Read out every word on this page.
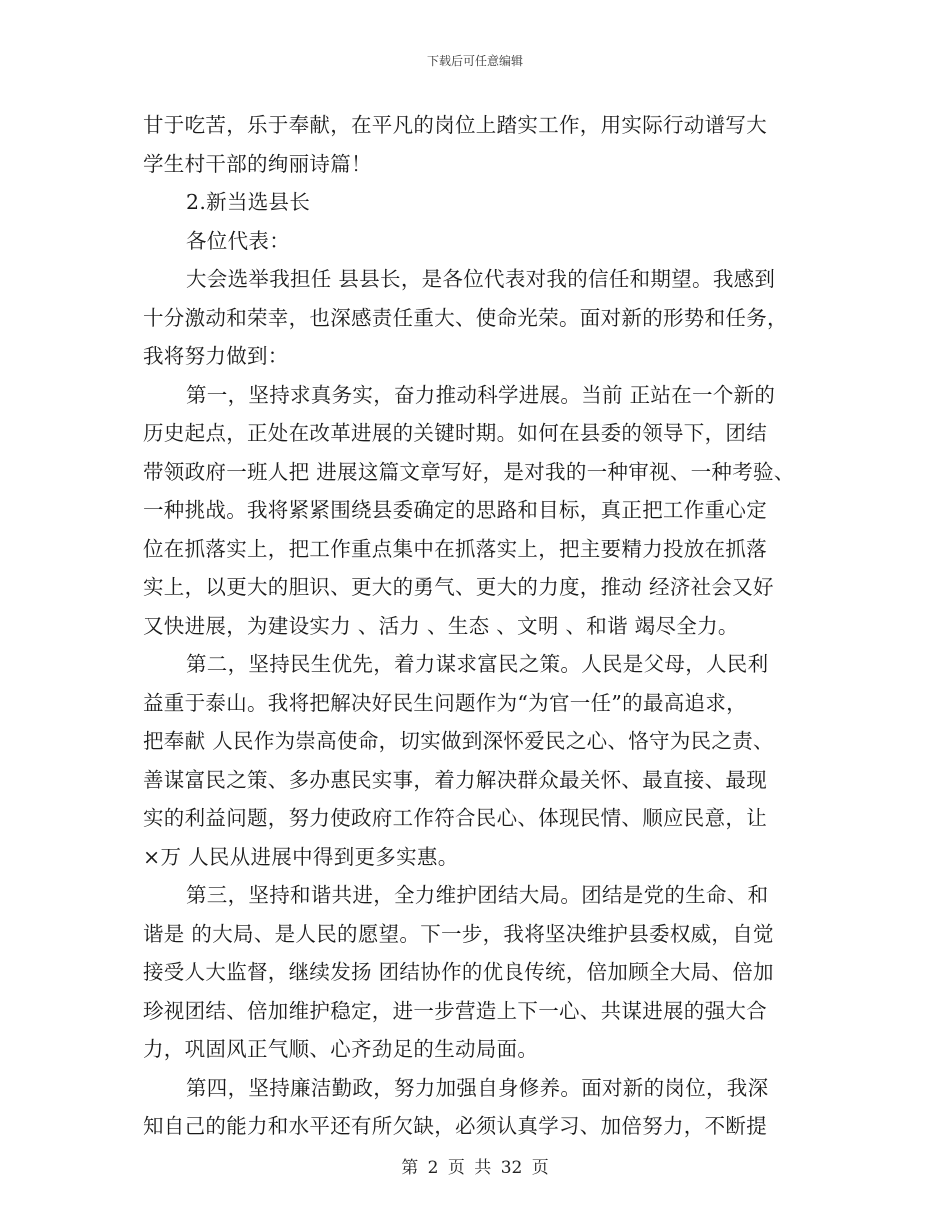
下载后可任意编辑
甘于吃苦，乐于奉献，在平凡的岗位上踏实工作，用实际行动谱写大
学生村干部的绚丽诗篇！
2.新当选县长
各位代表：
大会选举我担任 县县长，是各位代表对我的信任和期望。我感到
十分激动和荣幸，也深感责任重大、使命光荣。面对新的形势和任务，
我将努力做到：
第一，坚持求真务实，奋力推动科学进展。当前 正站在一个新的
历史起点，正处在改革进展的关键时期。如何在县委的领导下，团结
带领政府一班人把 进展这篇文章写好，是对我的一种审视、一种考验、
一种挑战。我将紧紧围绕县委确定的思路和目标，真正把工作重心定
位在抓落实上，把工作重点集中在抓落实上，把主要精力投放在抓落
实上，以更大的胆识、更大的勇气、更大的力度，推动 经济社会又好
又快进展，为建设实力 、活力 、生态 、文明 、和谐 竭尽全力。
第二，坚持民生优先，着力谋求富民之策。人民是父母，人民利
益重于泰山。我将把解决好民生问题作为“为官一任”的最高追求，
把奉献 人民作为崇高使命，切实做到深怀爱民之心、恪守为民之责、
善谋富民之策、多办惠民实事，着力解决群众最关怀、最直接、最现
实的利益问题，努力使政府工作符合民心、体现民情、顺应民意，让
×万 人民从进展中得到更多实惠。
第三，坚持和谐共进，全力维护团结大局。团结是党的生命、和
谐是 的大局、是人民的愿望。下一步，我将坚决维护县委权威，自觉
接受人大监督，继续发扬 团结协作的优良传统，倍加顾全大局、倍加
珍视团结、倍加维护稳定，进一步营造上下一心、共谋进展的强大合
力，巩固风正气顺、心齐劲足的生动局面。
第四，坚持廉洁勤政，努力加强自身修养。面对新的岗位，我深
知自己的能力和水平还有所欠缺，必须认真学习、加倍努力，不断提
第 2 页 共 32 页
